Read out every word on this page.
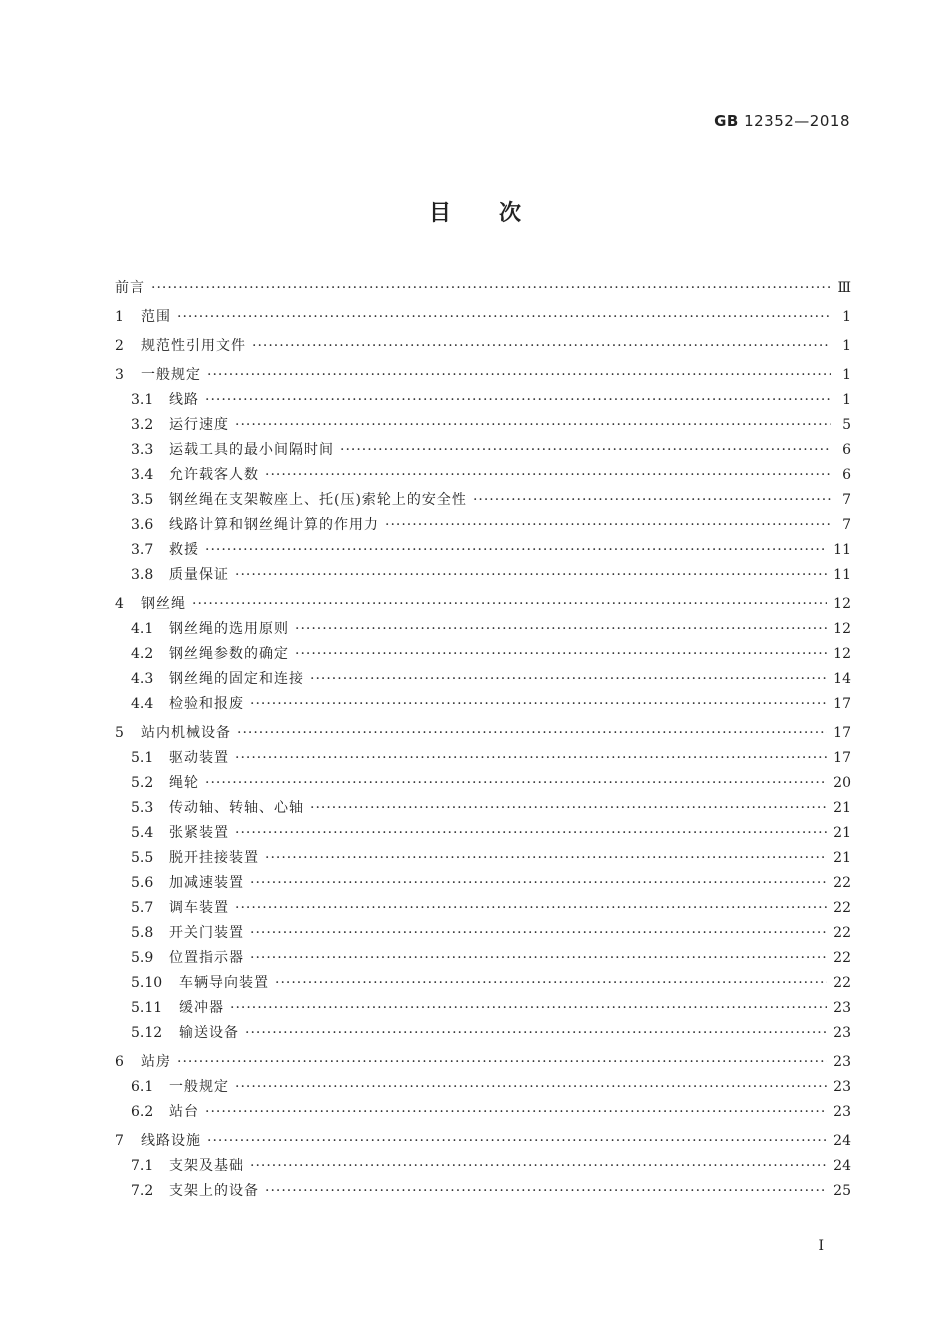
GB 12352—2018
目次
前言 ·····	Ⅲ
1	范围 ·····	1
2	规范性引用文件 ·····	1
3	一般规定 ·····	1
3.1	线路 ·····	1
3.2	运行速度 ·····	5
3.3	运载工具的最小间隔时间 ·····	6
3.4	允许载客人数 ·····	6
3.5	钢丝绳在支架鞍座上、托(压)索轮上的安全性 ·····	7
3.6	线路计算和钢丝绳计算的作用力 ·····	7
3.7	救援 ·····	11
3.8	质量保证 ·····	11
4	钢丝绳 ·····	12
4.1	钢丝绳的选用原则 ·····	12
4.2	钢丝绳参数的确定 ·····	12
4.3	钢丝绳的固定和连接 ·····	14
4.4	检验和报废 ·····	17
5	站内机械设备 ·····	17
5.1	驱动装置 ·····	17
5.2	绳轮 ·····	20
5.3	传动轴、转轴、心轴 ·····	21
5.4	张紧装置 ·····	21
5.5	脱开挂接装置 ·····	21
5.6	加减速装置 ·····	22
5.7	调车装置 ·····	22
5.8	开关门装置 ·····	22
5.9	位置指示器 ·····	22
5.10	车辆导向装置 ·····	22
5.11	缓冲器 ·····	23
5.12	输送设备 ·····	23
6	站房 ·····	23
6.1	一般规定 ·····	23
6.2	站台 ·····	23
7	线路设施 ·····	24
7.1	支架及基础 ·····	24
7.2	支架上的设备 ·····	25
I
